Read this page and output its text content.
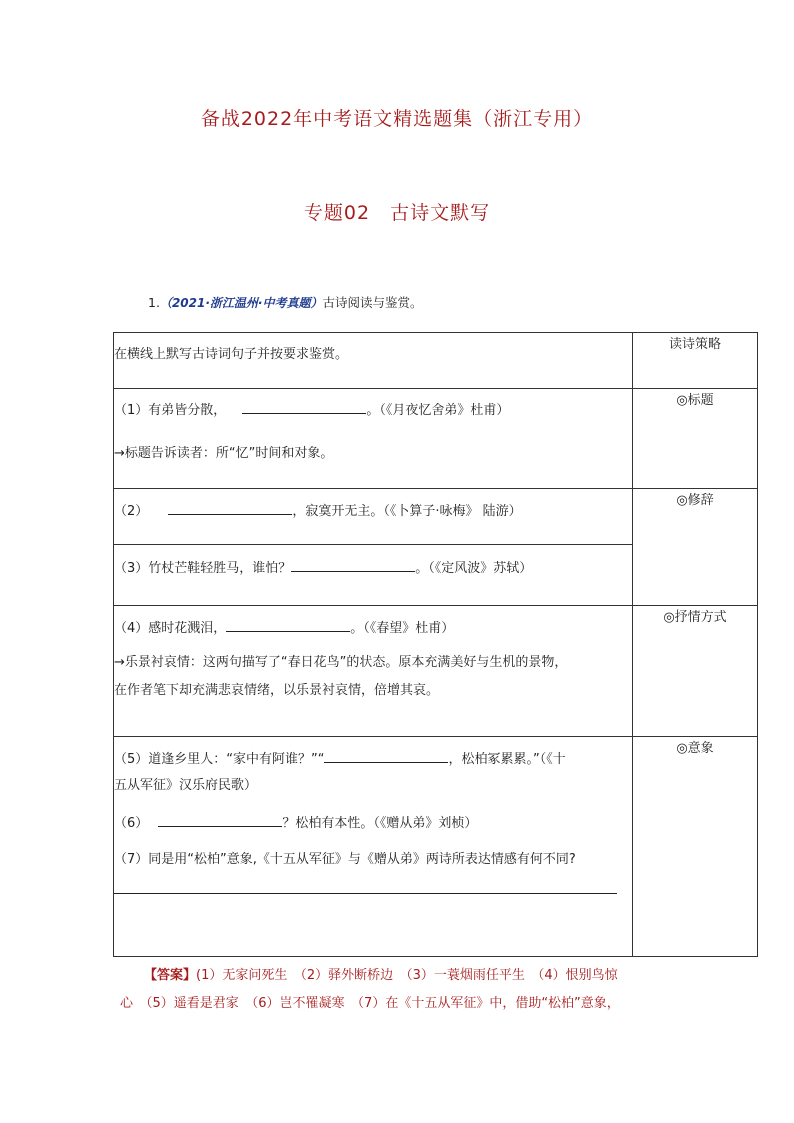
备战2022年中考语文精选题集（浙江专用）
专题02　古诗文默写
1.（2021·浙江温州·中考真题）古诗阅读与鉴赏。
在横线上默写古诗词句子并按要求鉴赏。	读诗策略

（1）有弟皆分散， 。（《月夜忆舍弟》杜甫）
→标题告诉读者：所“忆”时间和对象。	◎标题

（2） ，寂寞开无主。（《卜算子·咏梅》 陆游）	◎修辞

（3）竹杖芒鞋轻胜马，谁怕？ 。（《定风波》苏轼）	

（4）感时花溅泪， 。（《春望》杜甫）
→乐景衬哀情：这两句描写了“春日花鸟”的状态。原本充满美好与生机的景物，
在作者笔下却充满悲哀情绪，以乐景衬哀情，倍增其哀。	◎抒情方式

（5）道逢乡里人：“家中有阿谁？”“ ，松柏冢累累。”（《十
五从军征》汉乐府民歌）
（6） ？松柏有本性。（《赠从弟》刘桢）
（7）同是用“松柏”意象,《十五从军征》与《赠从弟》两诗所表达情感有何不同?	◎意象
【答案】(1）无家问死生　（2）驿外断桥边　（3）一蓑烟雨任平生　（4）恨别鸟惊
心　（5）遥看是君家　（6）岂不罹凝寒　（7）在《十五从军征》中，借助“松柏”意象，
